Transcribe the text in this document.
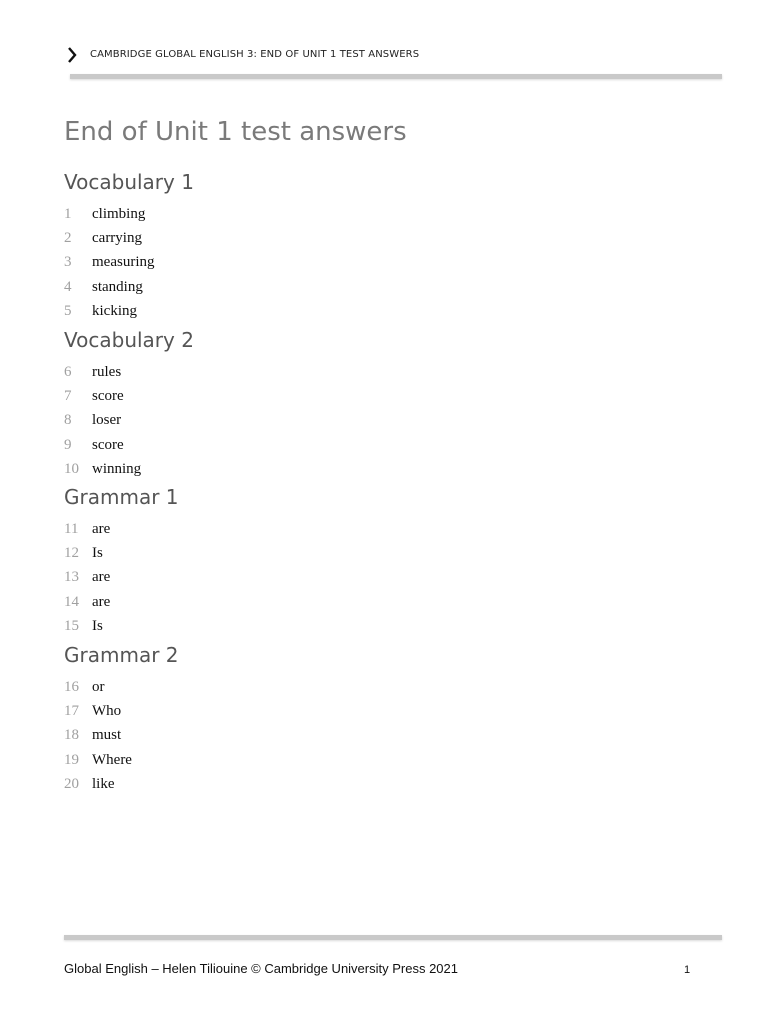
CAMBRIDGE GLOBAL ENGLISH 3: END OF UNIT 1 TEST ANSWERS
End of Unit 1 test answers
Vocabulary 1
1 climbing
2 carrying
3 measuring
4 standing
5 kicking
Vocabulary 2
6 rules
7 score
8 loser
9 score
10 winning
Grammar 1
11 are
12 Is
13 are
14 are
15 Is
Grammar 2
16 or
17 Who
18 must
19 Where
20 like
Global English – Helen Tiliouine © Cambridge University Press 2021	1
